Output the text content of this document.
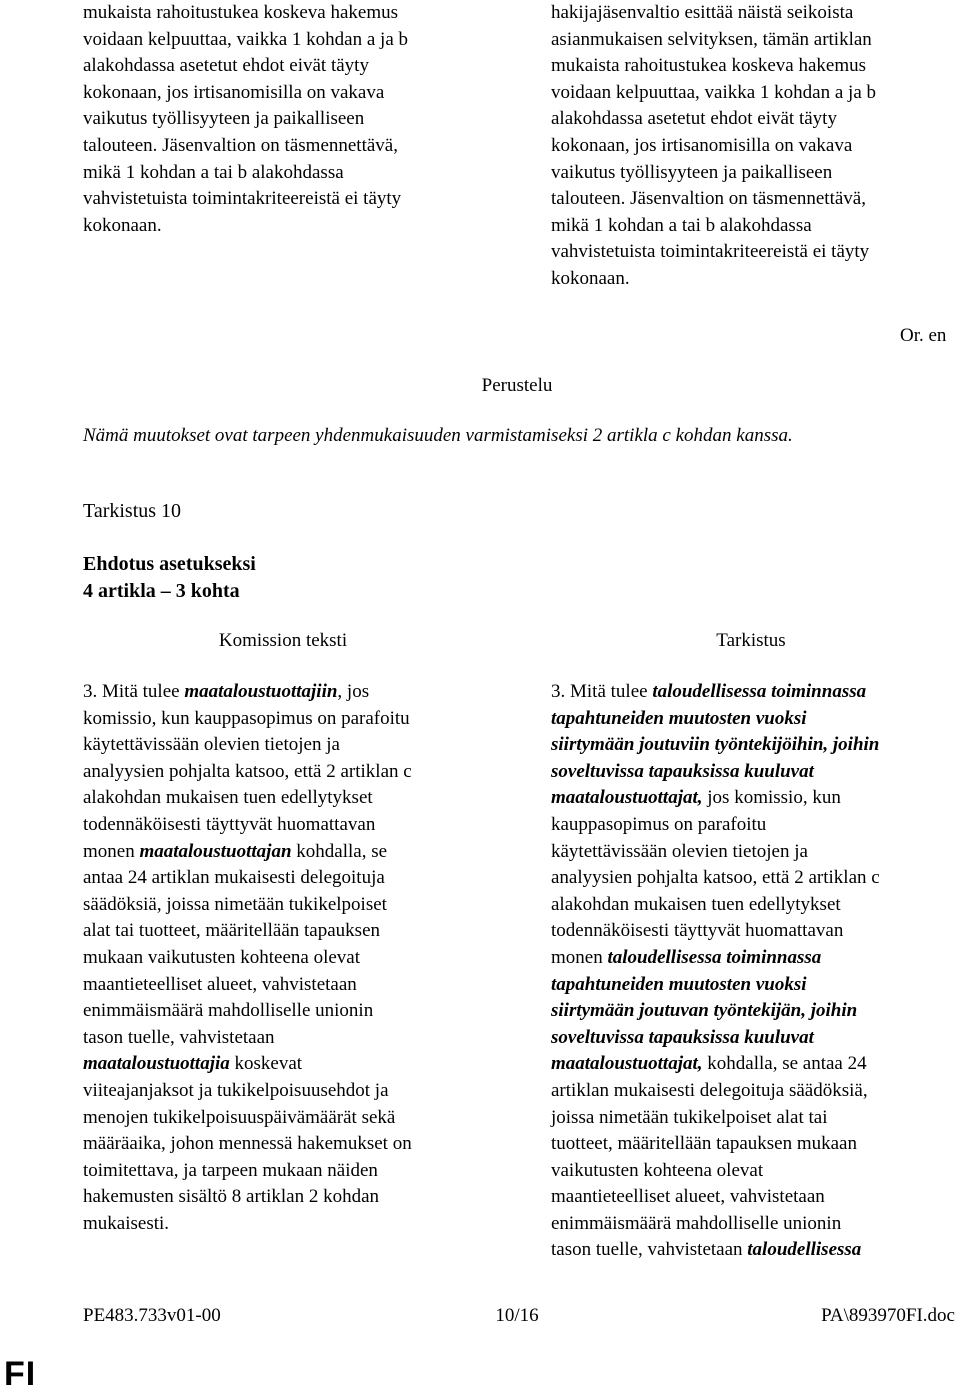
mukaista rahoitustukea koskeva hakemus
voidaan kelpuuttaa, vaikka 1 kohdan a ja b
alakohdassa asetetut ehdot eivät täyty
kokonaan, jos irtisanomisilla on vakava
vaikutus työllisyyteen ja paikalliseen
talouteen. Jäsenvaltion on täsmennettävä,
mikä 1 kohdan a tai b alakohdassa
vahvistetuista toimintakriteereistä ei täyty
kokonaan.
hakijajäsenvaltio esittää näistä seikoista
asianmukaisen selvityksen, tämän artiklan
mukaista rahoitustukea koskeva hakemus
voidaan kelpuuttaa, vaikka 1 kohdan a ja b
alakohdassa asetetut ehdot eivät täyty
kokonaan, jos irtisanomisilla on vakava
vaikutus työllisyyteen ja paikalliseen
talouteen. Jäsenvaltion on täsmennettävä,
mikä 1 kohdan a tai b alakohdassa
vahvistetuista toimintakriteereistä ei täyty
kokonaan.
Or. en
Perustelu
Nämä muutokset ovat tarpeen yhdenmukaisuuden varmistamiseksi 2 artikla c kohdan kanssa.
Tarkistus 10
Ehdotus asetukseksi
4 artikla – 3 kohta
Komission teksti	Tarkistus
3. Mitä tulee maataloustuottajiin, jos
komissio, kun kauppasopimus on parafoitu
käytettävissään olevien tietojen ja
analyysien pohjalta katsoo, että 2 artiklan c
alakohdan mukaisen tuen edellytykset
todennäköisesti täyttyvät huomattavan
monen maataloustuottajan kohdalla, se
antaa 24 artiklan mukaisesti delegoituja
säädöksiä, joissa nimetään tukikelpoiset
alat tai tuotteet, määritellään tapauksen
mukaan vaikutusten kohteena olevat
maantieteelliset alueet, vahvistetaan
enimmäismäärä mahdolliselle unionin
tason tuelle, vahvistetaan
maataloustuottajia koskevat
viiteajanjaksot ja tukikelpoisuusehdot ja
menojen tukikelpoisuuspäivämäärät sekä
määräaika, johon mennessä hakemukset on
toimitettava, ja tarpeen mukaan näiden
hakemusten sisältö 8 artiklan 2 kohdan
mukaisesti.
3. Mitä tulee taloudellisessa toiminnassa
tapahtuneiden muutosten vuoksi
siirtymään joutuviin työntekijöihin, joihin
soveltuvissa tapauksissa kuuluvat
maataloustuottajat, jos komissio, kun
kauppasopimus on parafoitu
käytettävissään olevien tietojen ja
analyysien pohjalta katsoo, että 2 artiklan c
alakohdan mukaisen tuen edellytykset
todennäköisesti täyttyvät huomattavan
monen taloudellisessa toiminnassa
tapahtuneiden muutosten vuoksi
siirtymään joutuvan työntekijän, joihin
soveltuvissa tapauksissa kuuluvat
maataloustuottajat, kohdalla, se antaa 24
artiklan mukaisesti delegoituja säädöksiä,
joissa nimetään tukikelpoiset alat tai
tuotteet, määritellään tapauksen mukaan
vaikutusten kohteena olevat
maantieteelliset alueet, vahvistetaan
enimmäismäärä mahdolliselle unionin
tason tuelle, vahvistetaan taloudellisessa
PE483.733v01-00	10/16	PA\893970FI.doc
FI
